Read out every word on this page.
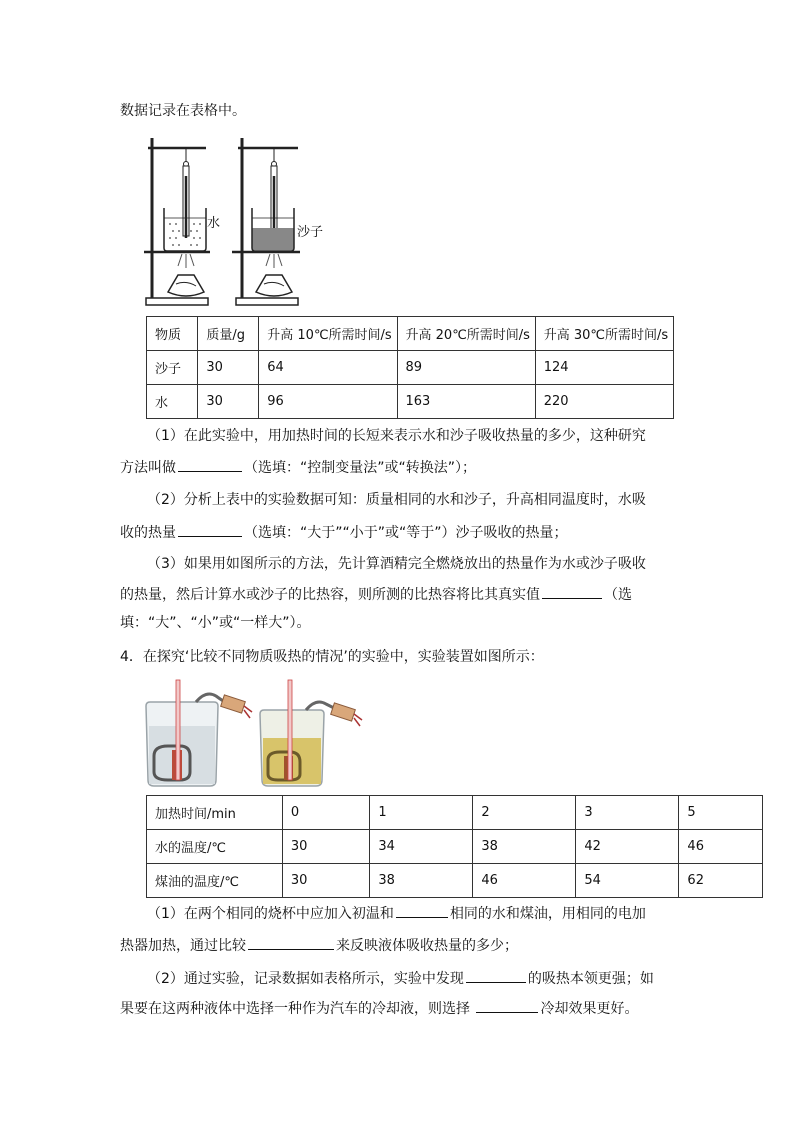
数据记录在表格中。
水
沙子
物质	质量/g	升高 10℃所需时间/s	升高 20℃所需时间/s	升高 30℃所需时间/s
沙子	30	64	89	124
水	30	96	163	220
（1）在此实验中，用加热时间的长短来表示水和沙子吸收热量的多少，这种研究
方法叫做	（选填：“控制变量法”或“转换法”）；
（2）分析上表中的实验数据可知：质量相同的水和沙子，升高相同温度时，水吸
收的热量	（选填：“大于”“小于”或“等于”）沙子吸收的热量；
（3）如果用如图所示的方法，先计算酒精完全燃烧放出的热量作为水或沙子吸收
的热量，然后计算水或沙子的比热容，则所测的比热容将比其真实值	（选
填：“大”、“小”或“一样大”）。
4．在探究‘比较不同物质吸热的情况’的实验中，实验装置如图所示：
加热时间/min	0	1	2	3	5
水的温度/℃	30	34	38	42	46
煤油的温度/℃	30	38	46	54	62
（1）在两个相同的烧杯中应加入初温和	相同的水和煤油，用相同的电加
热器加热，通过比较	来反映液体吸收热量的多少；
（2）通过实验，记录数据如表格所示，实验中发现	的吸热本领更强；如
果要在这两种液体中选择一种作为汽车的冷却液，则选择	冷却效果更好。
